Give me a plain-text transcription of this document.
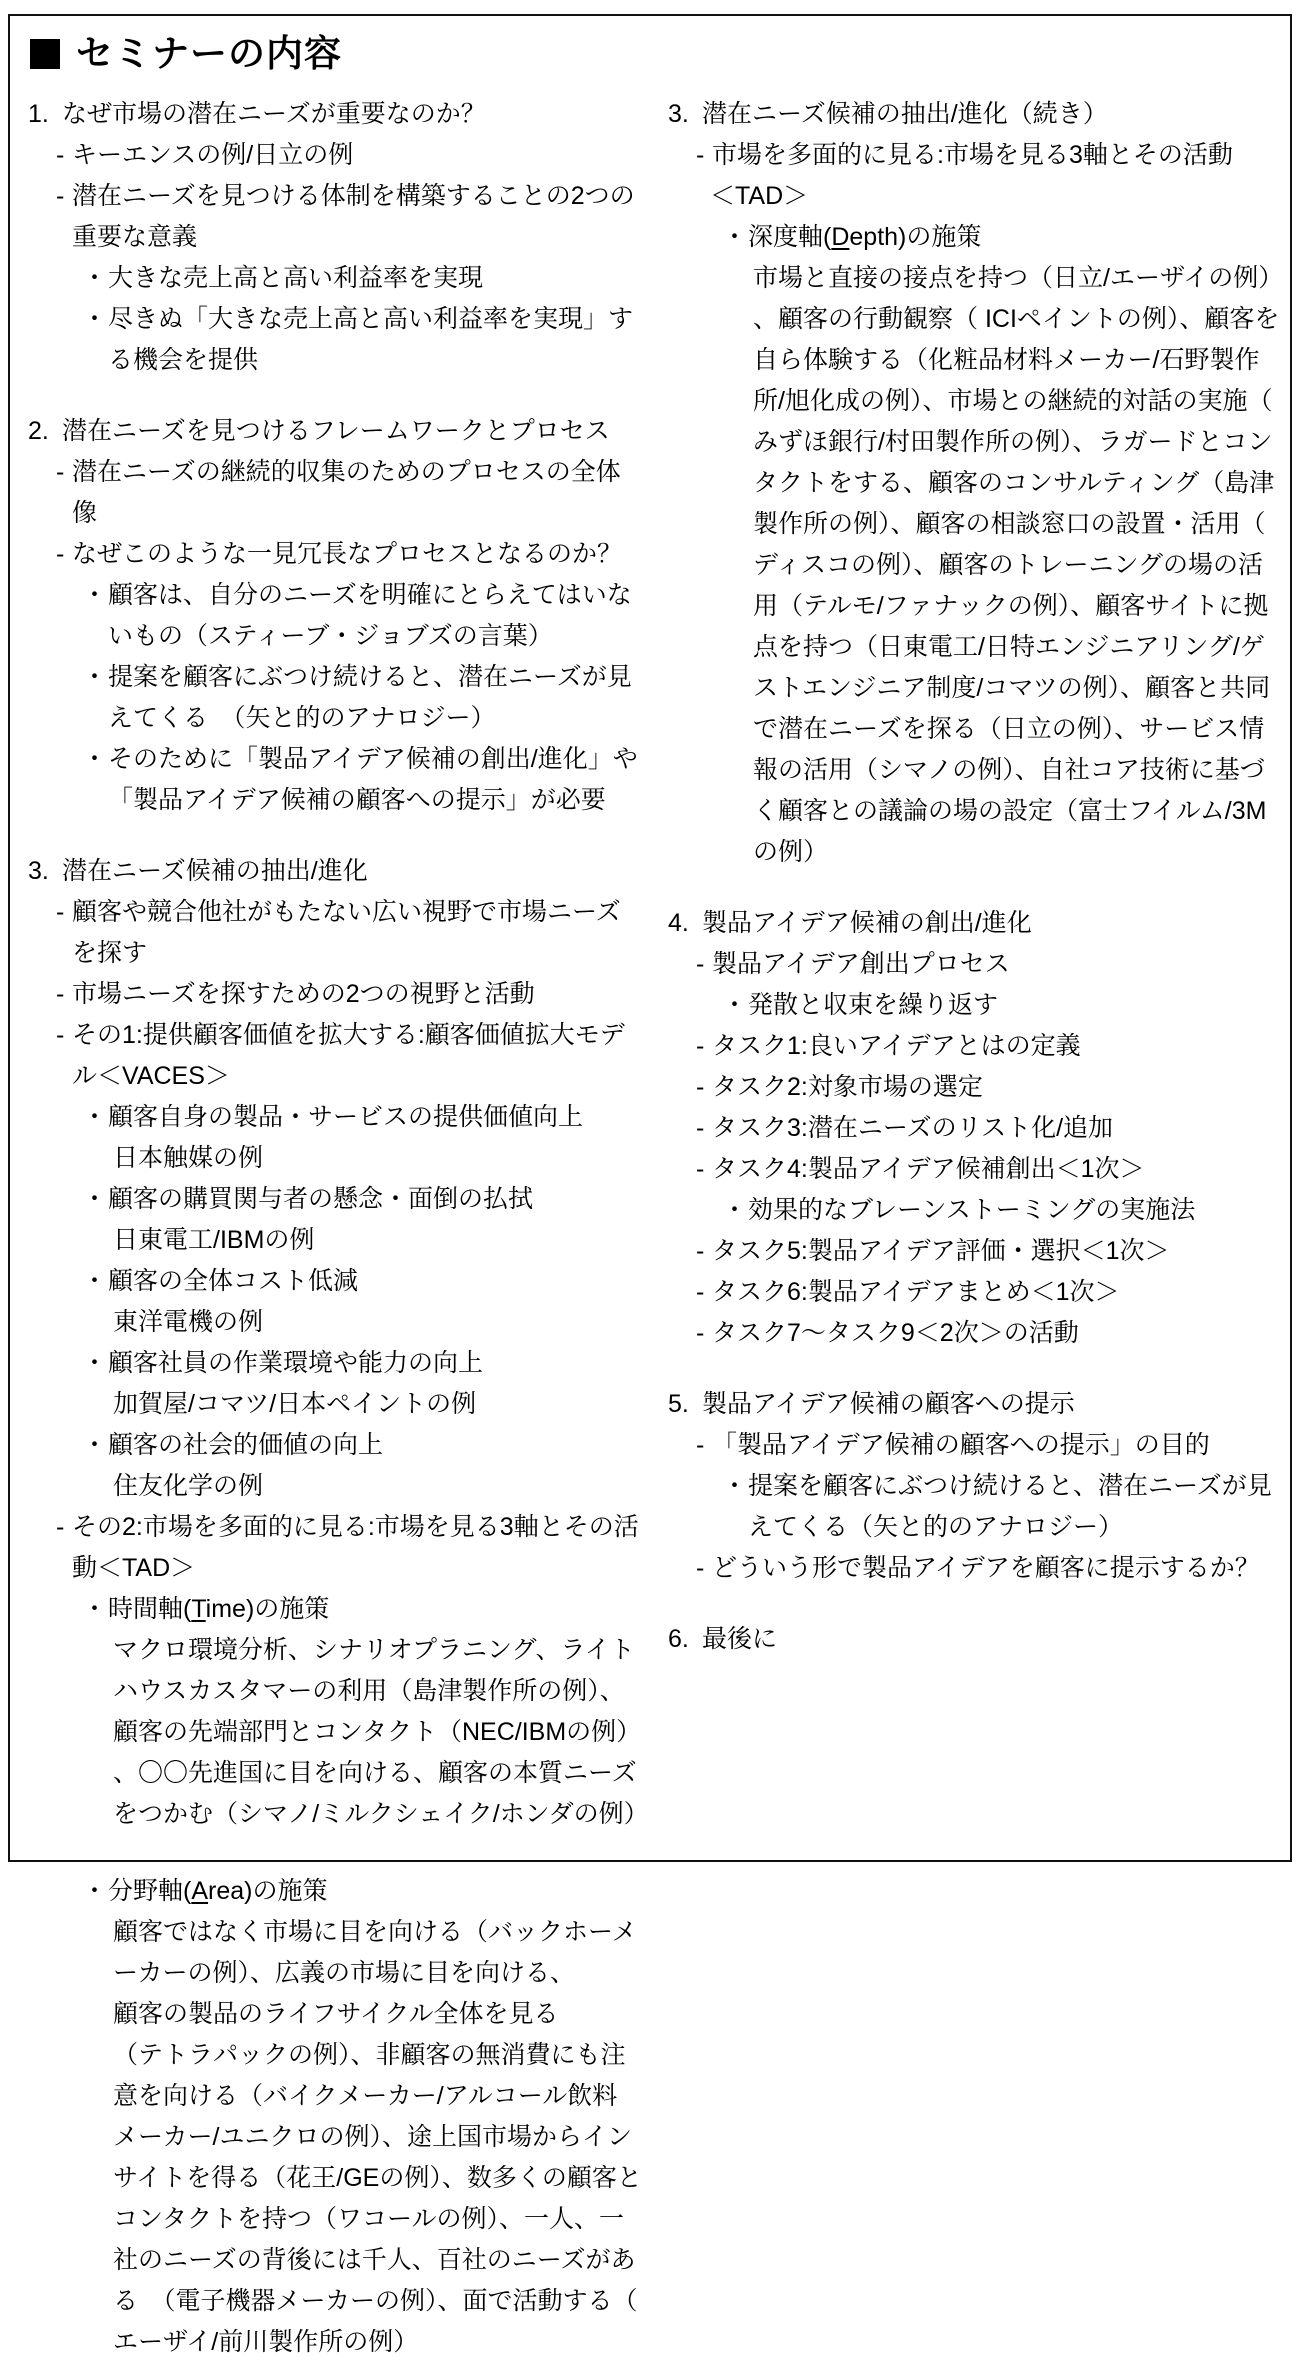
セミナーの内容
1. なぜ市場の潜在ニーズが重要なのか？
- キーエンスの例/日立の例
- 潜在ニーズを見つける体制を構築することの2つの重要な意義
・ 大きな売上高と高い利益率を実現
・ 尽きぬ「大きな売上高と高い利益率を実現」する機会を提供
2. 潜在ニーズを見つけるフレームワークとプロセス
- 潜在ニーズの継続的収集のためのプロセスの全体像
- なぜこのような一見冗長なプロセスとなるのか？
・ 顧客は、自分のニーズを明確にとらえてはいないもの（スティーブ・ジョブズの言葉）
・ 提案を顧客にぶつけ続けると、潜在ニーズが見えてくる　（矢と的のアナロジー）
・ そのために「製品アイデア候補の創出/進化」や「製品アイデア候補の顧客への提示」が必要
3. 潜在ニーズ候補の抽出/進化
- 顧客や競合他社がもたない広い視野で市場ニーズを探す
- 市場ニーズを探すための2つの視野と活動
- その1:提供顧客価値を拡大する:顧客価値拡大モデル＜VACES＞
・ 顧客自身の製品・サービスの提供価値向上
日本触媒の例
・ 顧客の購買関与者の懸念・面倒の払拭
日東電工/IBMの例
・ 顧客の全体コスト低減
東洋電機の例
・ 顧客社員の作業環境や能力の向上
加賀屋/コマツ/日本ペイントの例
・ 顧客の社会的価値の向上
住友化学の例
- その2:市場を多面的に見る:市場を見る3軸とその活動＜TAD＞
・ 時間軸(Time)の施策
マクロ環境分析、シナリオプラニング、ライトハウスカスタマーの利用（島津製作所の例）、顧客の先端部門とコンタクト（NEC/IBMの例）、〇〇先進国に目を向ける、顧客の本質ニーズをつかむ（シマノ/ミルクシェイク/ホンダの例）
・ 分野軸(Area)の施策
顧客ではなく市場に目を向ける（バックホーメーカーの例）、広義の市場に目を向ける、
顧客の製品のライフサイクル全体を見る
（テトラパックの例）、非顧客の無消費にも注意を向ける（バイクメーカー/アルコール飲料メーカー/ユニクロの例）、途上国市場からインサイトを得る（花王/GEの例）、数多くの顧客とコンタクトを持つ（ワコールの例）、一人、一社のニーズの背後には千人、百社のニーズがある　（電子機器メーカーの例）、面で活動する（エーザイ/前川製作所の例）
3. 潜在ニーズ候補の抽出/進化（続き）
- 市場を多面的に見る:市場を見る3軸とその活動
＜TAD＞
・ 深度軸(Depth)の施策
市場と直接の接点を持つ（日立/エーザイの例）、顧客の行動観察（ ICIペイントの例）、顧客を自ら体験する（化粧品材料メーカー/石野製作所/旭化成の例）、市場との継続的対話の実施（みずほ銀行/村田製作所の例）、ラガードとコンタクトをする、顧客のコンサルティング（島津製作所の例）、顧客の相談窓口の設置・活用（ディスコの例）、顧客のトレーニングの場の活用（テルモ/ファナックの例）、顧客サイトに拠点を持つ（日東電工/日特エンジニアリング/ゲストエンジニア制度/コマツの例）、顧客と共同で潜在ニーズを探る（日立の例）、サービス情報の活用（シマノの例）、自社コア技術に基づく顧客との議論の場の設定（富士フイルム/3Mの例）
4. 製品アイデア候補の創出/進化
- 製品アイデア創出プロセス
・ 発散と収束を繰り返す
- タスク1:良いアイデアとはの定義
- タスク2:対象市場の選定
- タスク3:潜在ニーズのリスト化/追加
- タスク4:製品アイデア候補創出＜1次＞
・ 効果的なブレーンストーミングの実施法
- タスク5:製品アイデア評価・選択＜1次＞
- タスク6:製品アイデアまとめ＜1次＞
- タスク7～タスク9＜2次＞の活動
5. 製品アイデア候補の顧客への提示
- 「製品アイデア候補の顧客への提示」の目的
・ 提案を顧客にぶつけ続けると、潜在ニーズが見えてくる（矢と的のアナロジー）
- どういう形で製品アイデアを顧客に提示するか？
6. 最後に
